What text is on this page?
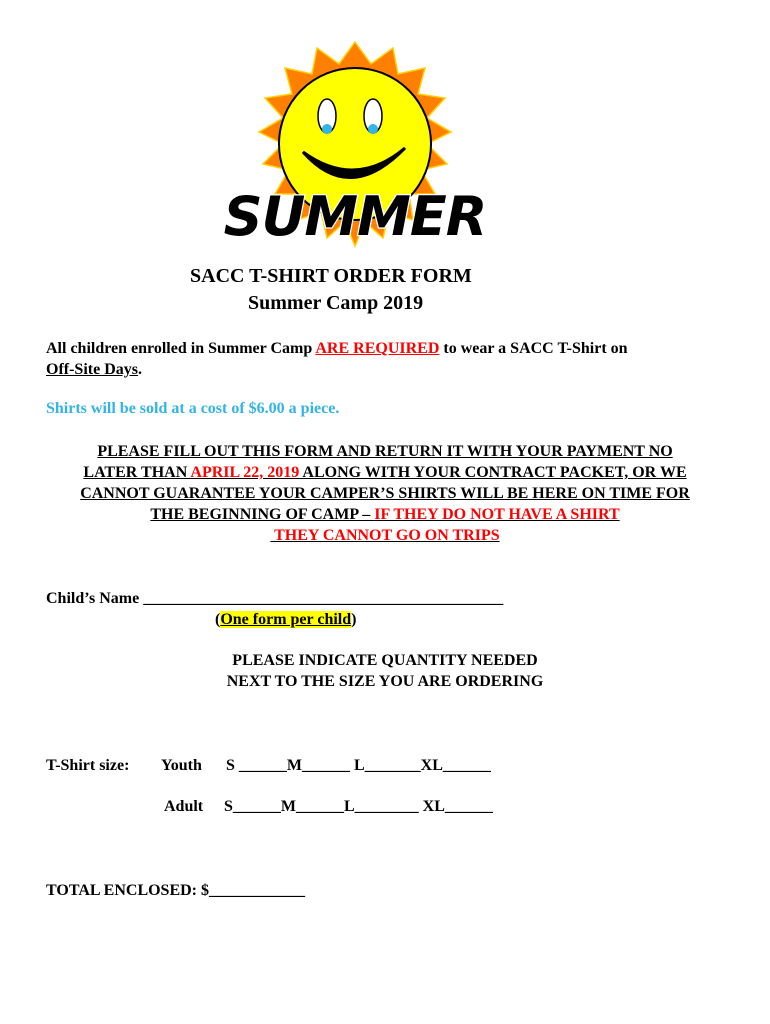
SUMMER
SACC T-SHIRT ORDER FORM
Summer Camp 2019
All children enrolled in Summer Camp ARE REQUIRED to wear a SACC T-Shirt on
Off-Site Days.
Shirts will be sold at a cost of $6.00 a piece.
PLEASE FILL OUT THIS FORM AND RETURN IT WITH YOUR PAYMENT NO
LATER THAN APRIL 22, 2019 ALONG WITH YOUR CONTRACT PACKET, OR WE
CANNOT GUARANTEE YOUR CAMPER’S SHIRTS WILL BE HERE ON TIME FOR
THE BEGINNING OF CAMP – IF THEY DO NOT HAVE A SHIRT
THEY CANNOT GO ON TRIPS
Child’s Name _____________________________________________
(One form per child)
PLEASE INDICATE QUANTITY NEEDED
NEXT TO THE SIZE YOU ARE ORDERING
T-Shirt size: Youth S ______M______ L_______XL______
Adult S______M______L________ XL______
TOTAL ENCLOSED: $____________
